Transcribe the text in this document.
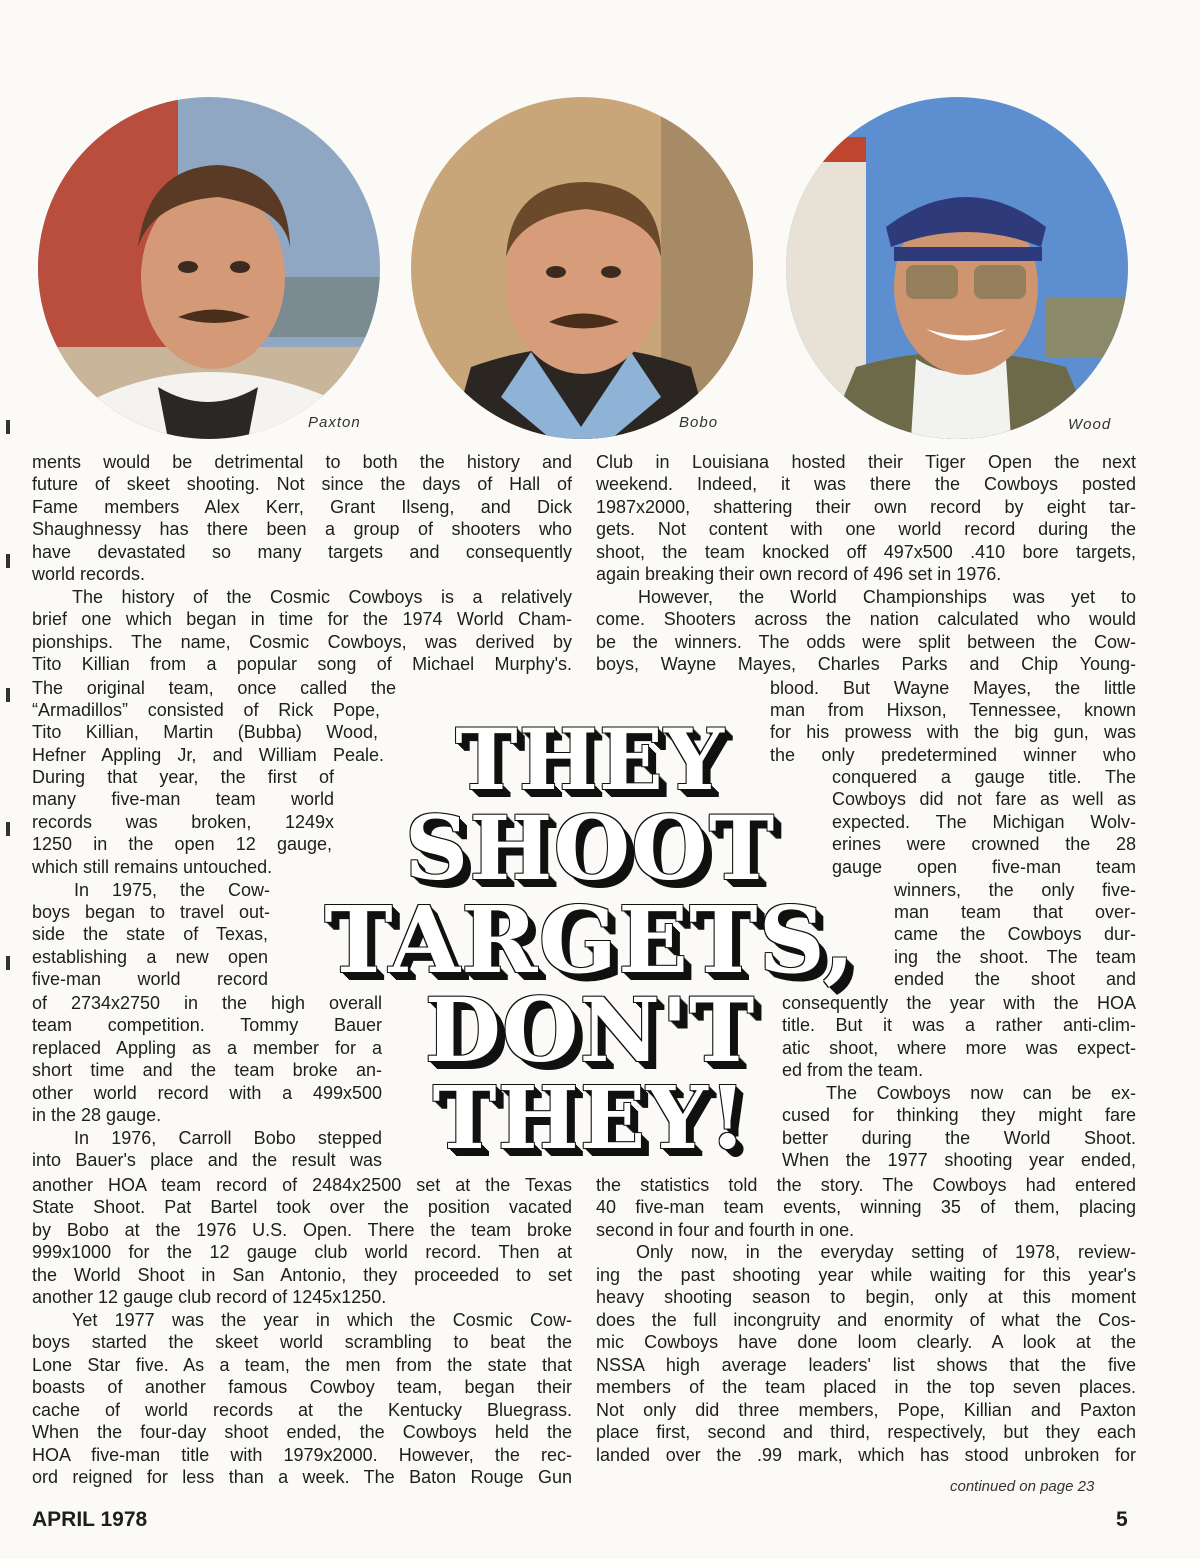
Paxton	Bobo	Wood
THEY
SHOOT
TARGETS,
DON'T
THEY!

ments would be detrimental to both the history and

future of skeet shooting. Not since the days of Hall of

Fame members Alex Kerr, Grant Ilseng, and Dick

Shaughnessy has there been a group of shooters who

have devastated so many targets and consequently

world records.

The history of the Cosmic Cowboys is a relatively

brief one which began in time for the 1974 World Cham-

pionships. The name, Cosmic Cowboys, was derived by

Tito Killian from a popular song of Michael Murphy's.

The original team, once called the

“Armadillos” consisted of Rick Pope,

Tito Killian, Martin (Bubba) Wood,

Hefner Appling Jr, and William Peale.

During that year, the first of

many five-man team world

records was broken, 1249x

1250 in the open 12 gauge,

which still remains untouched.

In 1975, the Cow-

boys began to travel out-

side the state of Texas,

establishing a new open

five-man world record

of 2734x2750 in the high overall

team competition. Tommy Bauer

replaced Appling as a member for a

short time and the team broke an-

other world record with a 499x500

in the 28 gauge.

In 1976, Carroll Bobo stepped

into Bauer's place and the result was

another HOA team record of 2484x2500 set at the Texas

State Shoot. Pat Bartel took over the position vacated

by Bobo at the 1976 U.S. Open. There the team broke

999x1000 for the 12 gauge club world record. Then at

the World Shoot in San Antonio, they proceeded to set

another 12 gauge club record of 1245x1250.

Yet 1977 was the year in which the Cosmic Cow-

boys started the skeet world scrambling to beat the

Lone Star five. As a team, the men from the state that

boasts of another famous Cowboy team, began their

cache of world records at the Kentucky Bluegrass.

When the four-day shoot ended, the Cowboys held the

HOA five-man title with 1979x2000. However, the rec-

ord reigned for less than a week. The Baton Rouge Gun

Club in Louisiana hosted their Tiger Open the next

weekend. Indeed, it was there the Cowboys posted

1987x2000, shattering their own record by eight tar-

gets. Not content with one world record during the

shoot, the team knocked off 497x500 .410 bore targets,

again breaking their own record of 496 set in 1976.

However, the World Championships was yet to

come. Shooters across the nation calculated who would

be the winners. The odds were split between the Cow-

boys, Wayne Mayes, Charles Parks and Chip Young-

blood. But Wayne Mayes, the little

man from Hixson, Tennessee, known

for his prowess with the big gun, was

the only predetermined winner who

conquered a gauge title. The

Cowboys did not fare as well as

expected. The Michigan Wolv-

erines were crowned the 28

gauge open five-man team

winners, the only five-

man team that over-

came the Cowboys dur-

ing the shoot. The team

ended the shoot and

consequently the year with the HOA

title. But it was a rather anti-clim-

atic shoot, where more was expect-

ed from the team.

The Cowboys now can be ex-

cused for thinking they might fare

better during the World Shoot.

When the 1977 shooting year ended,

the statistics told the story. The Cowboys had entered

40 five-man team events, winning 35 of them, placing

second in four and fourth in one.

Only now, in the everyday setting of 1978, review-

ing the past shooting year while waiting for this year's

heavy shooting season to begin, only at this moment

does the full incongruity and enormity of what the Cos-

mic Cowboys have done loom clearly. A look at the

NSSA high average leaders' list shows that the five

members of the team placed in the top seven places.

Not only did three members, Pope, Killian and Paxton

place first, second and third, respectively, but they each

landed over the .99 mark, which has stood unbroken for

continued on page 23
APRIL 1978	5
